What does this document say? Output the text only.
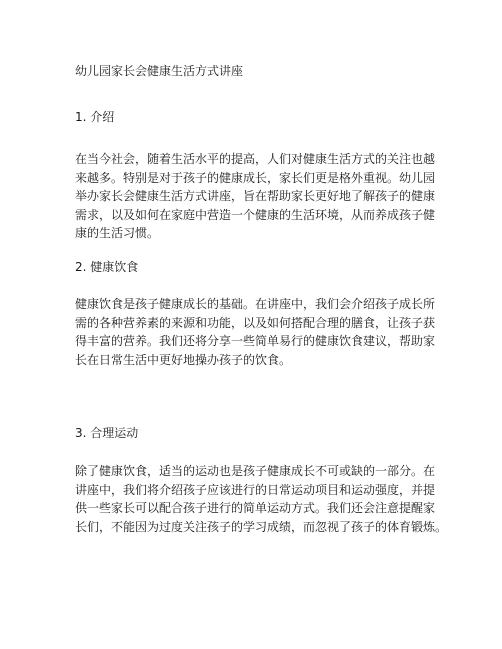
幼儿园家长会健康生活方式讲座
1. 介绍
在当今社会，随着生活水平的提高，人们对健康生活方式的关注也越
来越多。特别是对于孩子的健康成长，家长们更是格外重视。幼儿园
举办家长会健康生活方式讲座，旨在帮助家长更好地了解孩子的健康
需求，以及如何在家庭中营造一个健康的生活环境，从而养成孩子健
康的生活习惯。
2. 健康饮食
健康饮食是孩子健康成长的基础。在讲座中，我们会介绍孩子成长所
需的各种营养素的来源和功能，以及如何搭配合理的膳食，让孩子获
得丰富的营养。我们还将分享一些简单易行的健康饮食建议，帮助家
长在日常生活中更好地操办孩子的饮食。
3. 合理运动
除了健康饮食，适当的运动也是孩子健康成长不可或缺的一部分。在
讲座中，我们将介绍孩子应该进行的日常运动项目和运动强度，并提
供一些家长可以配合孩子进行的简单运动方式。我们还会注意提醒家
长们，不能因为过度关注孩子的学习成绩，而忽视了孩子的体育锻炼。
